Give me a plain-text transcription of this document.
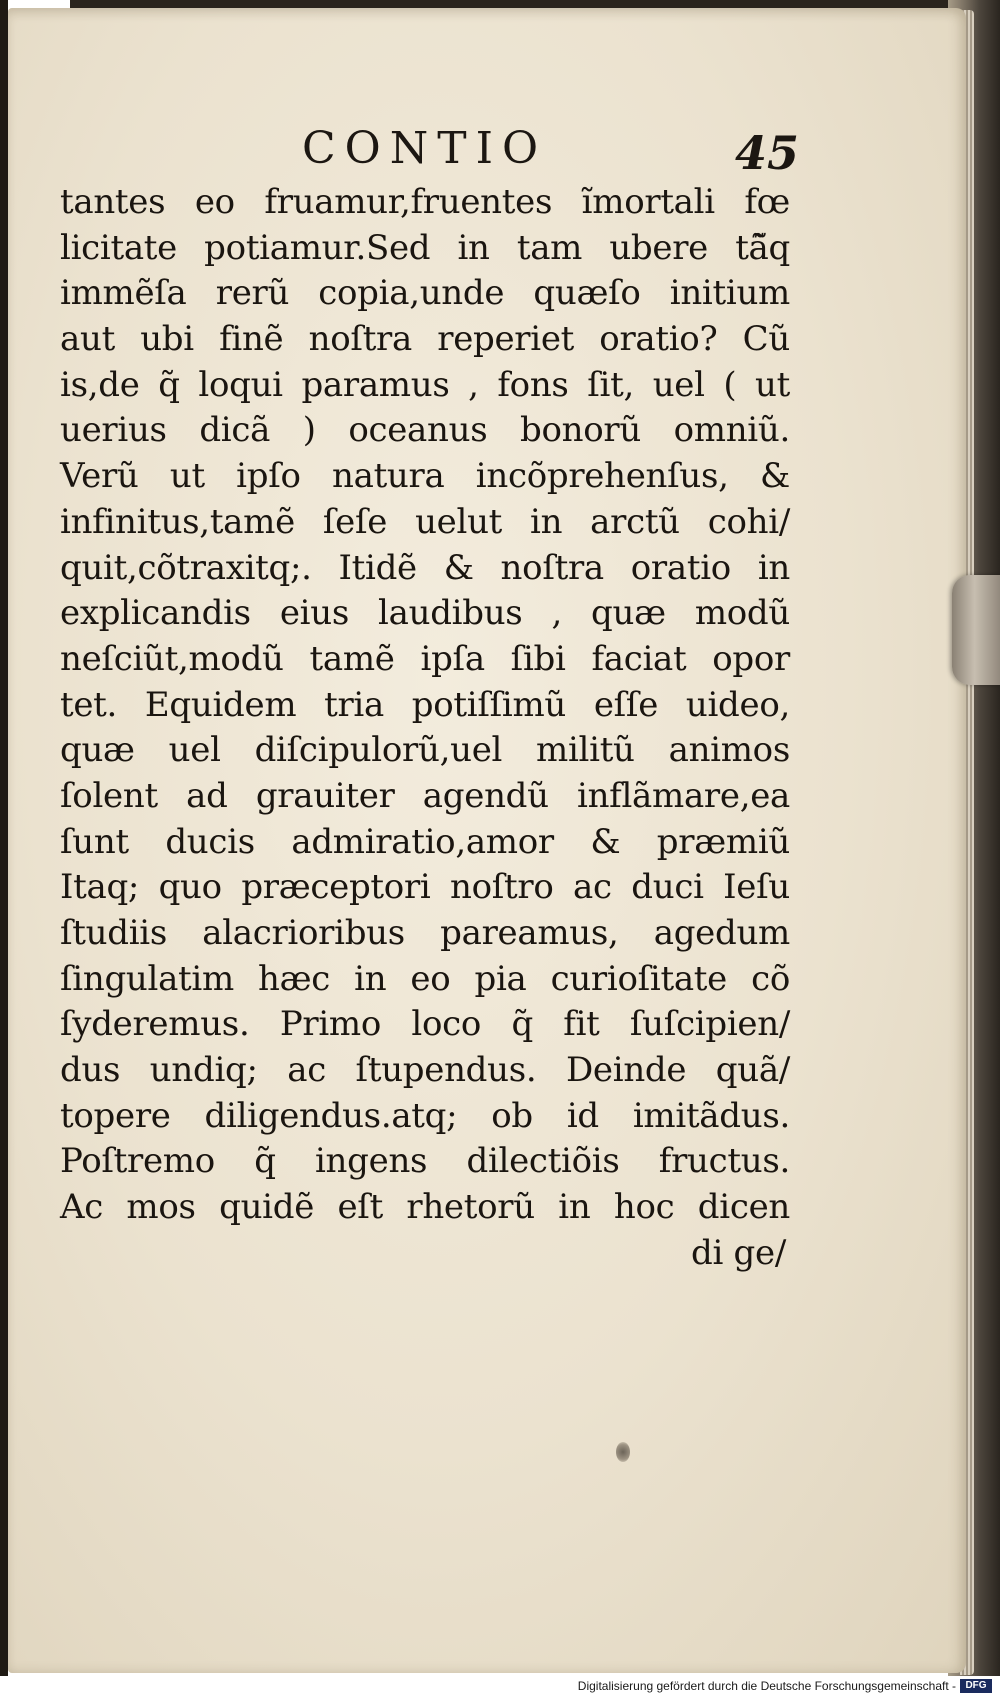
CONTIO	45
tantes eo fruamur,fruentes ĩmortali fœ
licitate potiamur.Sed in tam ubere tã̃q
immẽſa rerũ copia,unde quæſo initium
aut ubi finẽ noſtra reperiet oratio? Cũ
is,de q̃ loqui paramus , fons ſit, uel ( ut
uerius dicã ) oceanus bonorũ omniũ.
Verũ ut ipſo natura incõprehenſus, &
infinitus,tamẽ ſeſe uelut in arctũ cohi/
quit,cõtraxitq;. Itidẽ & noſtra oratio in
explicandis eius laudibus , quæ modũ
neſciũt,modũ tamẽ ipſa ſibi faciat opor
tet. Equidem tria potiſſimũ eſſe uideo,
quæ uel diſcipulorũ,uel militũ animos
ſolent ad grauiter agendũ inflãmare,ea
ſunt ducis admiratio,amor & præmiũ
Itaq; quo præceptori noſtro ac duci Ieſu
ſtudiis alacrioribus pareamus, agedum
ſingulatim hæc in eo pia curioſitate cõ
ſyderemus. Primo loco q̃ fit ſuſcipien/
dus undiq; ac ſtupendus. Deinde quã/
topere diligendus.atq; ob id imitãdus.
Poſtremo q̃ ingens dilectiõis fructus.
Ac mos quidẽ eſt rhetorũ in hoc dicen
di ge/
Digitalisierung gefördert durch die Deutsche Forschungsgemeinschaft - DFG
